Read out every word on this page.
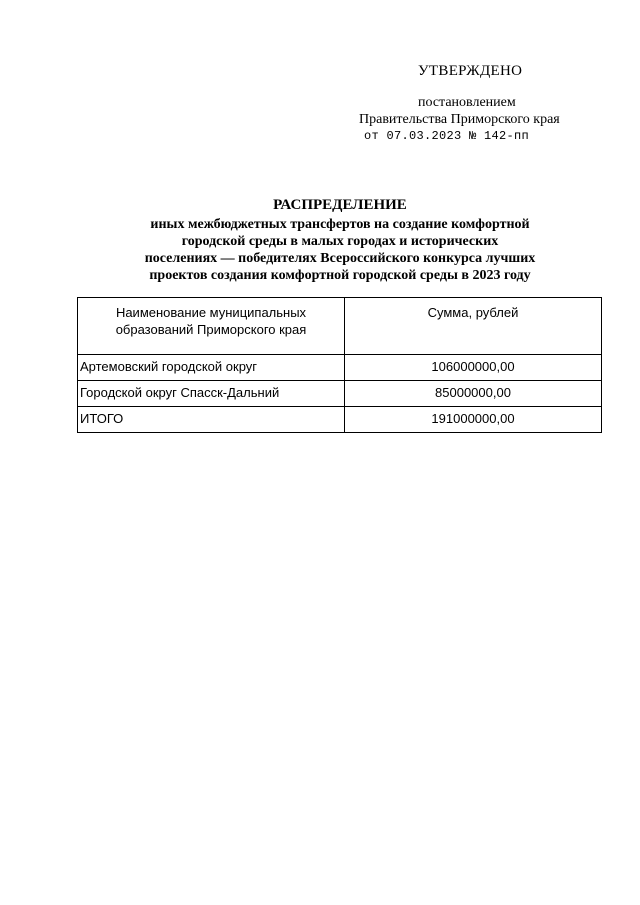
УТВЕРЖДЕНО
постановлением
Правительства Приморского края
от 07.03.2023 № 142-пп
РАСПРЕДЕЛЕНИЕ
иных межбюджетных трансфертов на создание комфортной
городской среды в малых городах и исторических
поселениях — победителях Всероссийского конкурса лучших
проектов создания комфортной городской среды в 2023 году
Наименование муниципальных образований Приморского края	Сумма, рублей
Артемовский городской округ	106000000,00
Городской округ Спасск-Дальний	85000000,00
ИТОГО	191000000,00
